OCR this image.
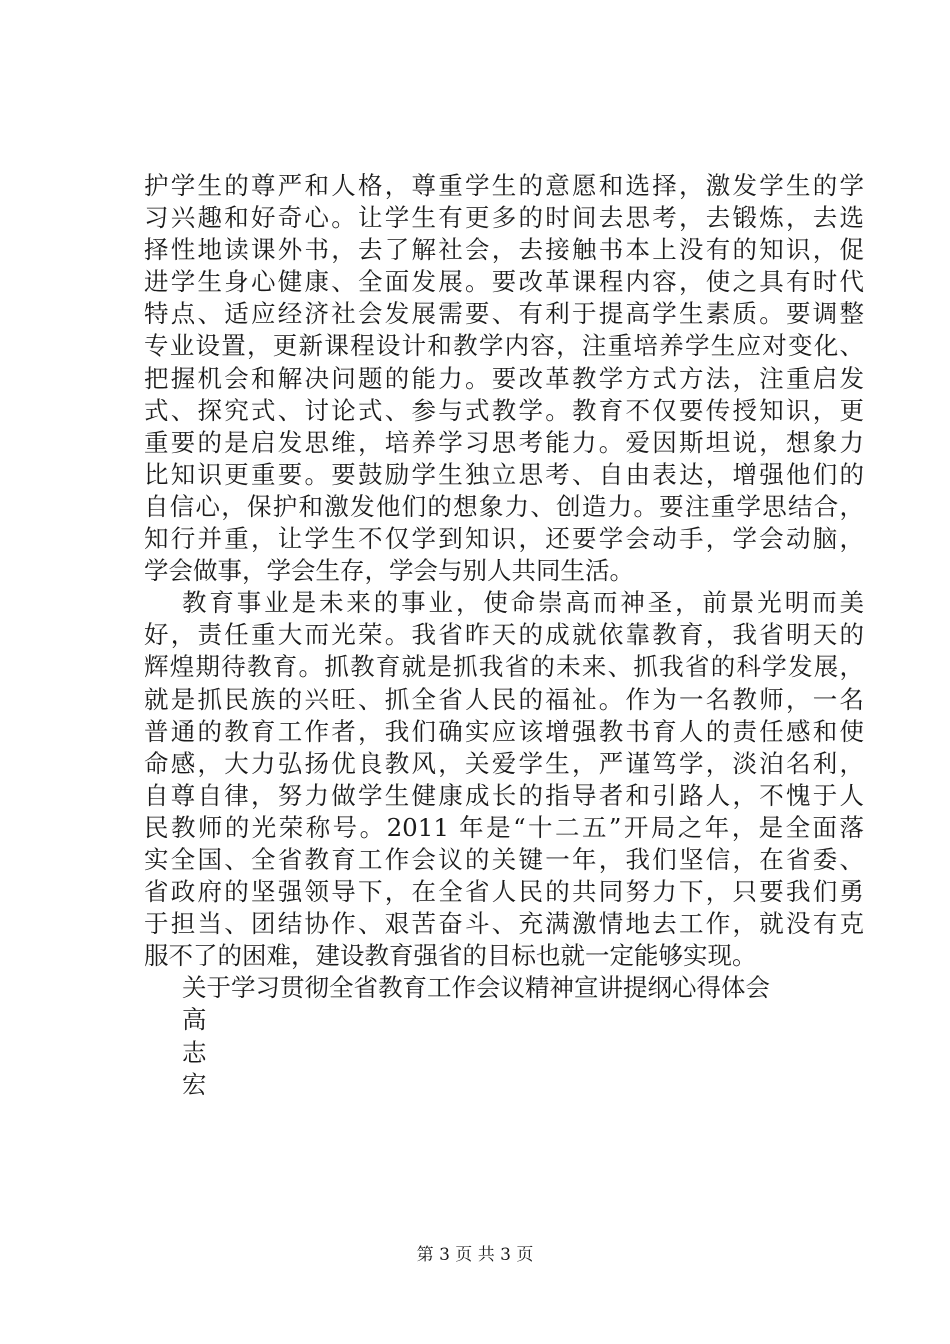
护学生的尊严和人格，尊重学生的意愿和选择，激发学生的学
习兴趣和好奇心。让学生有更多的时间去思考，去锻炼，去选
择性地读课外书，去了解社会，去接触书本上没有的知识，促
进学生身心健康、全面发展。要改革课程内容，使之具有时代
特点、适应经济社会发展需要、有利于提高学生素质。要调整
专业设置，更新课程设计和教学内容，注重培养学生应对变化、
把握机会和解决问题的能力。要改革教学方式方法，注重启发
式、探究式、讨论式、参与式教学。教育不仅要传授知识，更
重要的是启发思维，培养学习思考能力。爱因斯坦说，想象力
比知识更重要。要鼓励学生独立思考、自由表达，增强他们的
自信心，保护和激发他们的想象力、创造力。要注重学思结合，
知行并重，让学生不仅学到知识，还要学会动手，学会动脑，
学会做事，学会生存，学会与别人共同生活。
教育事业是未来的事业，使命崇高而神圣，前景光明而美
好，责任重大而光荣。我省昨天的成就依靠教育，我省明天的
辉煌期待教育。抓教育就是抓我省的未来、抓我省的科学发展，
就是抓民族的兴旺、抓全省人民的福祉。作为一名教师，一名
普通的教育工作者，我们确实应该增强教书育人的责任感和使
命感，大力弘扬优良教风，关爱学生，严谨笃学，淡泊名利，
自尊自律，努力做学生健康成长的指导者和引路人，不愧于人
民教师的光荣称号。2011 年是“十二五”开局之年，是全面落
实全国、全省教育工作会议的关键一年，我们坚信，在省委、
省政府的坚强领导下，在全省人民的共同努力下，只要我们勇
于担当、团结协作、艰苦奋斗、充满激情地去工作，就没有克
服不了的困难，建设教育强省的目标也就一定能够实现。
关于学习贯彻全省教育工作会议精神宣讲提纲心得体会
高
志
宏
第 3 页 共 3 页
